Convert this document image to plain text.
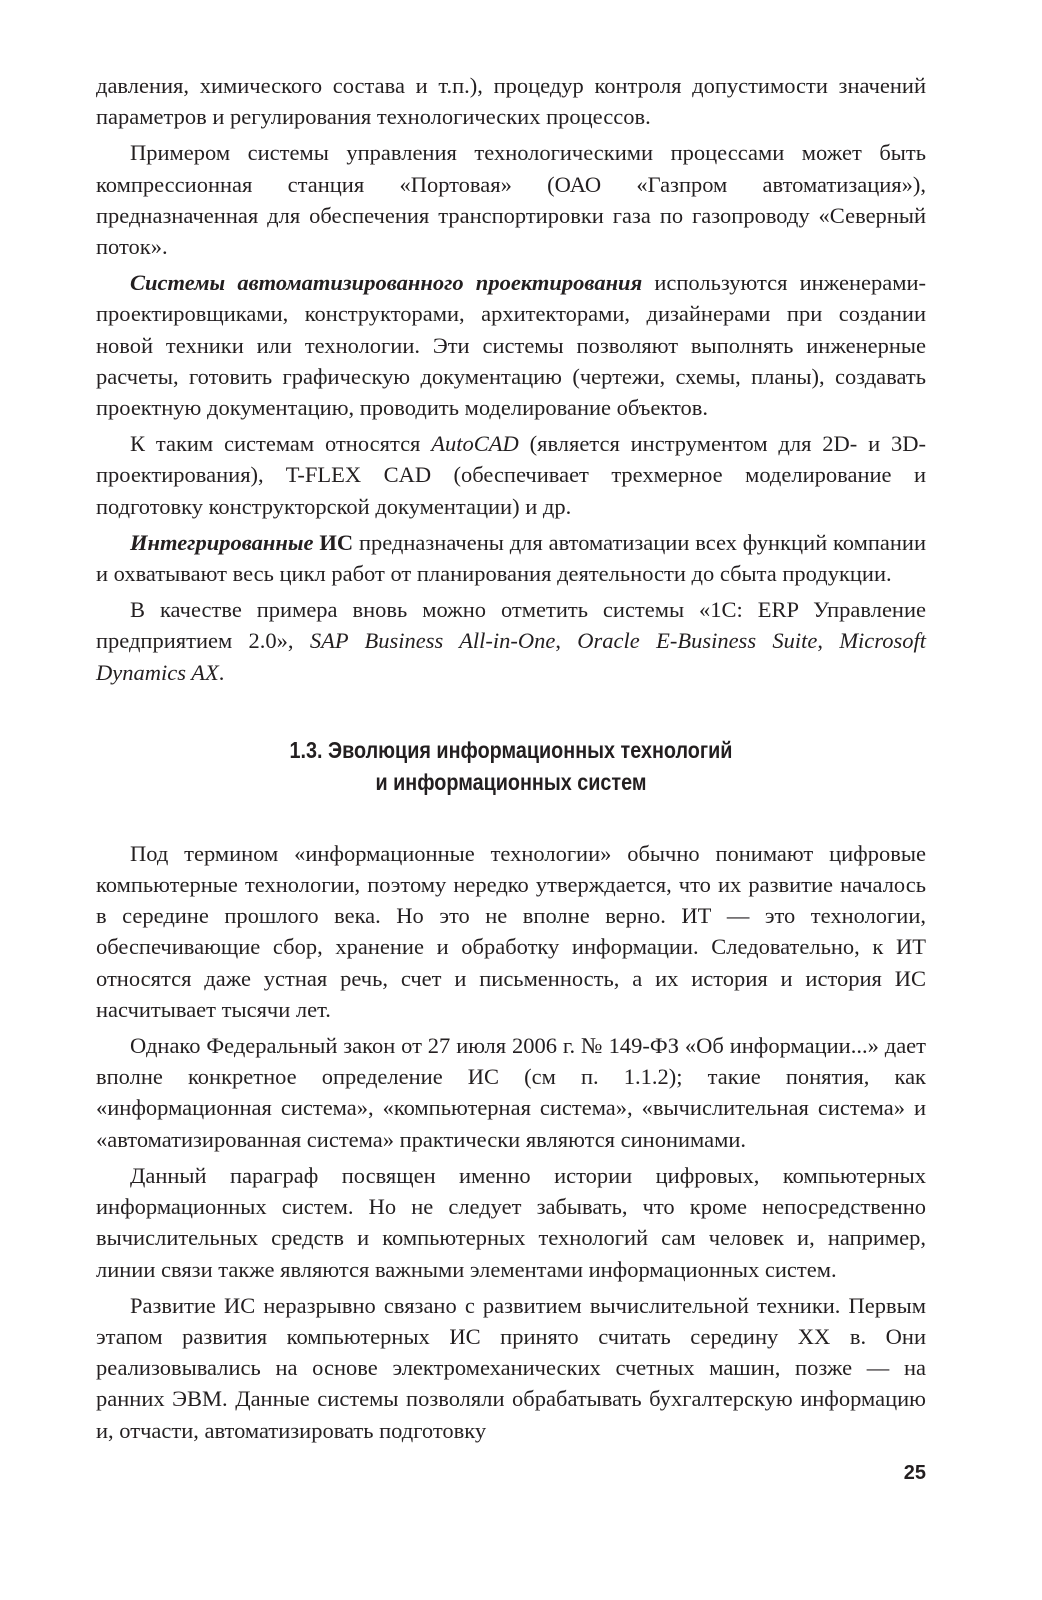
давления, химического состава и т.п.), процедур контроля допустимости значений параметров и регулирования технологических процессов.

Примером системы управления технологическими процессами может быть компрессионная станция «Портовая» (ОАО «Газпром автоматизация»), предназначенная для обеспечения транспортировки газа по газопроводу «Северный поток».

Системы автоматизированного проектирования используются инженерами-проектировщиками, конструкторами, архитекторами, дизайнерами при создании новой техники или технологии. Эти системы позволяют выполнять инженерные расчеты, готовить графическую документацию (чертежи, схемы, планы), создавать проектную документацию, проводить моделирование объектов.

К таким системам относятся AutoCAD (является инструментом для 2D- и 3D-проектирования), T-FLEX CAD (обеспечивает трехмерное моделирование и подготовку конструкторской документации) и др.

Интегрированные ИС предназначены для автоматизации всех функций компании и охватывают весь цикл работ от планирования деятельности до сбыта продукции.

В качестве примера вновь можно отметить системы «1С: ERP Управление предприятием 2.0», SAP Business All-in-One, Oracle E-Business Suite, Microsoft Dynamics AX.

1.3. Эволюция информационных технологий
и информационных систем

Под термином «информационные технологии» обычно понимают цифровые компьютерные технологии, поэтому нередко утверждается, что их развитие началось в середине прошлого века. Но это не вполне верно. ИТ — это технологии, обеспечивающие сбор, хранение и обработку информации. Следовательно, к ИТ относятся даже устная речь, счет и письменность, а их история и история ИС насчитывает тысячи лет.

Однако Федеральный закон от 27 июля 2006 г. № 149-ФЗ «Об информации...» дает вполне конкретное определение ИС (см п. 1.1.2); такие понятия, как «информационная система», «компьютерная система», «вычислительная система» и «автоматизированная система» практически являются синонимами.

Данный параграф посвящен именно истории цифровых, компьютерных информационных систем. Но не следует забывать, что кроме непосредственно вычислительных средств и компьютерных технологий сам человек и, например, линии связи также являются важными элементами информационных систем.

Развитие ИС неразрывно связано с развитием вычислительной техники. Первым этапом развития компьютерных ИС принято считать середину XX в. Они реализовывались на основе электромеханических счетных машин, позже — на ранних ЭВМ. Данные системы позволяли обрабатывать бухгалтерскую информацию и, отчасти, автоматизировать подготовку

25
